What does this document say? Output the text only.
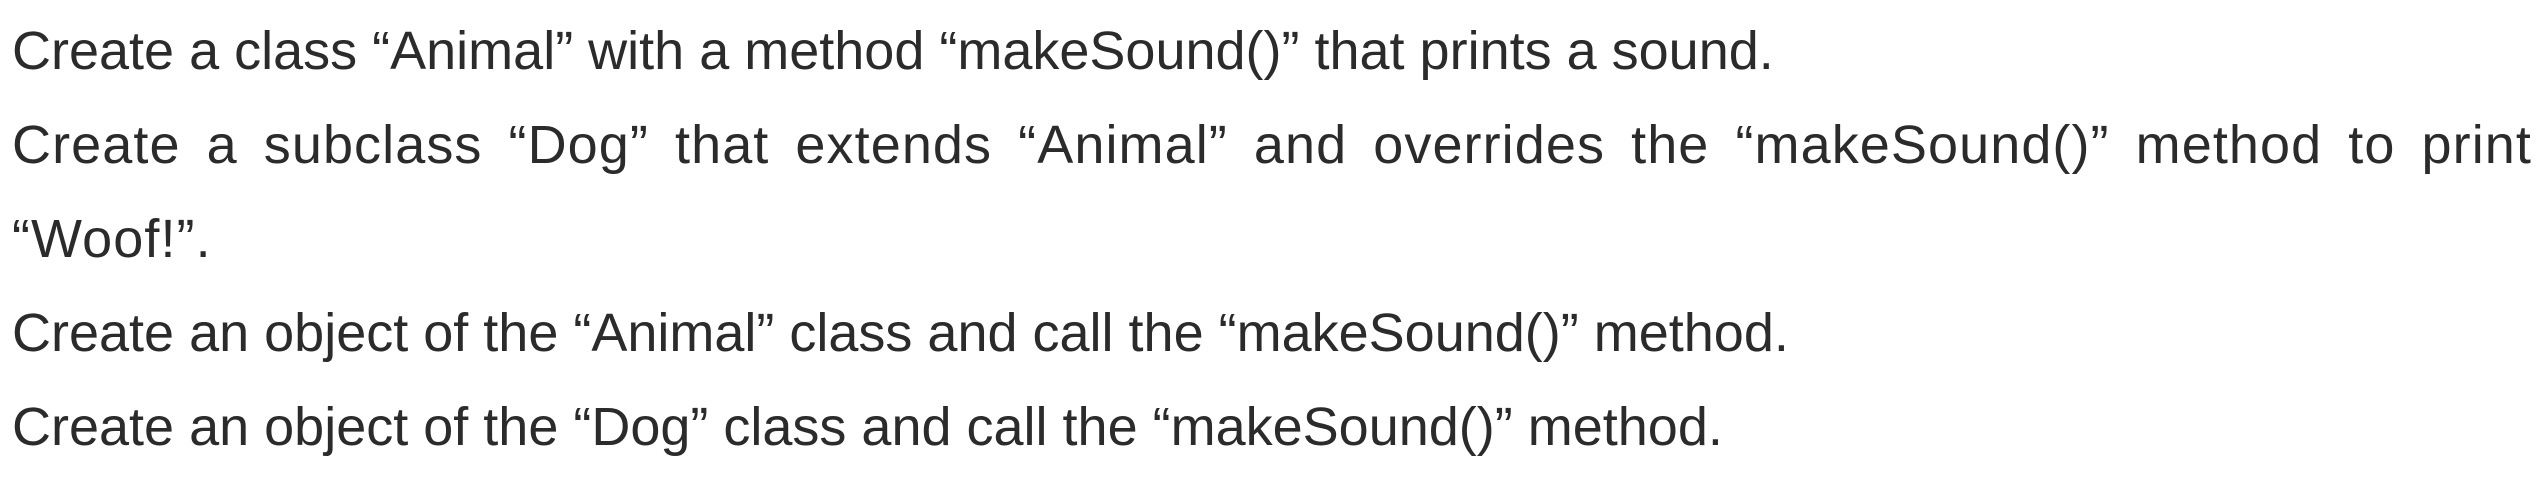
Create a class “Animal” with a method “makeSound()” that prints a sound.

Create a subclass “Dog” that extends “Animal” and overrides the “makeSound()” method to print “Woof!”.

Create an object of the “Animal” class and call the “makeSound()” method.

Create an object of the “Dog” class and call the “makeSound()” method.
